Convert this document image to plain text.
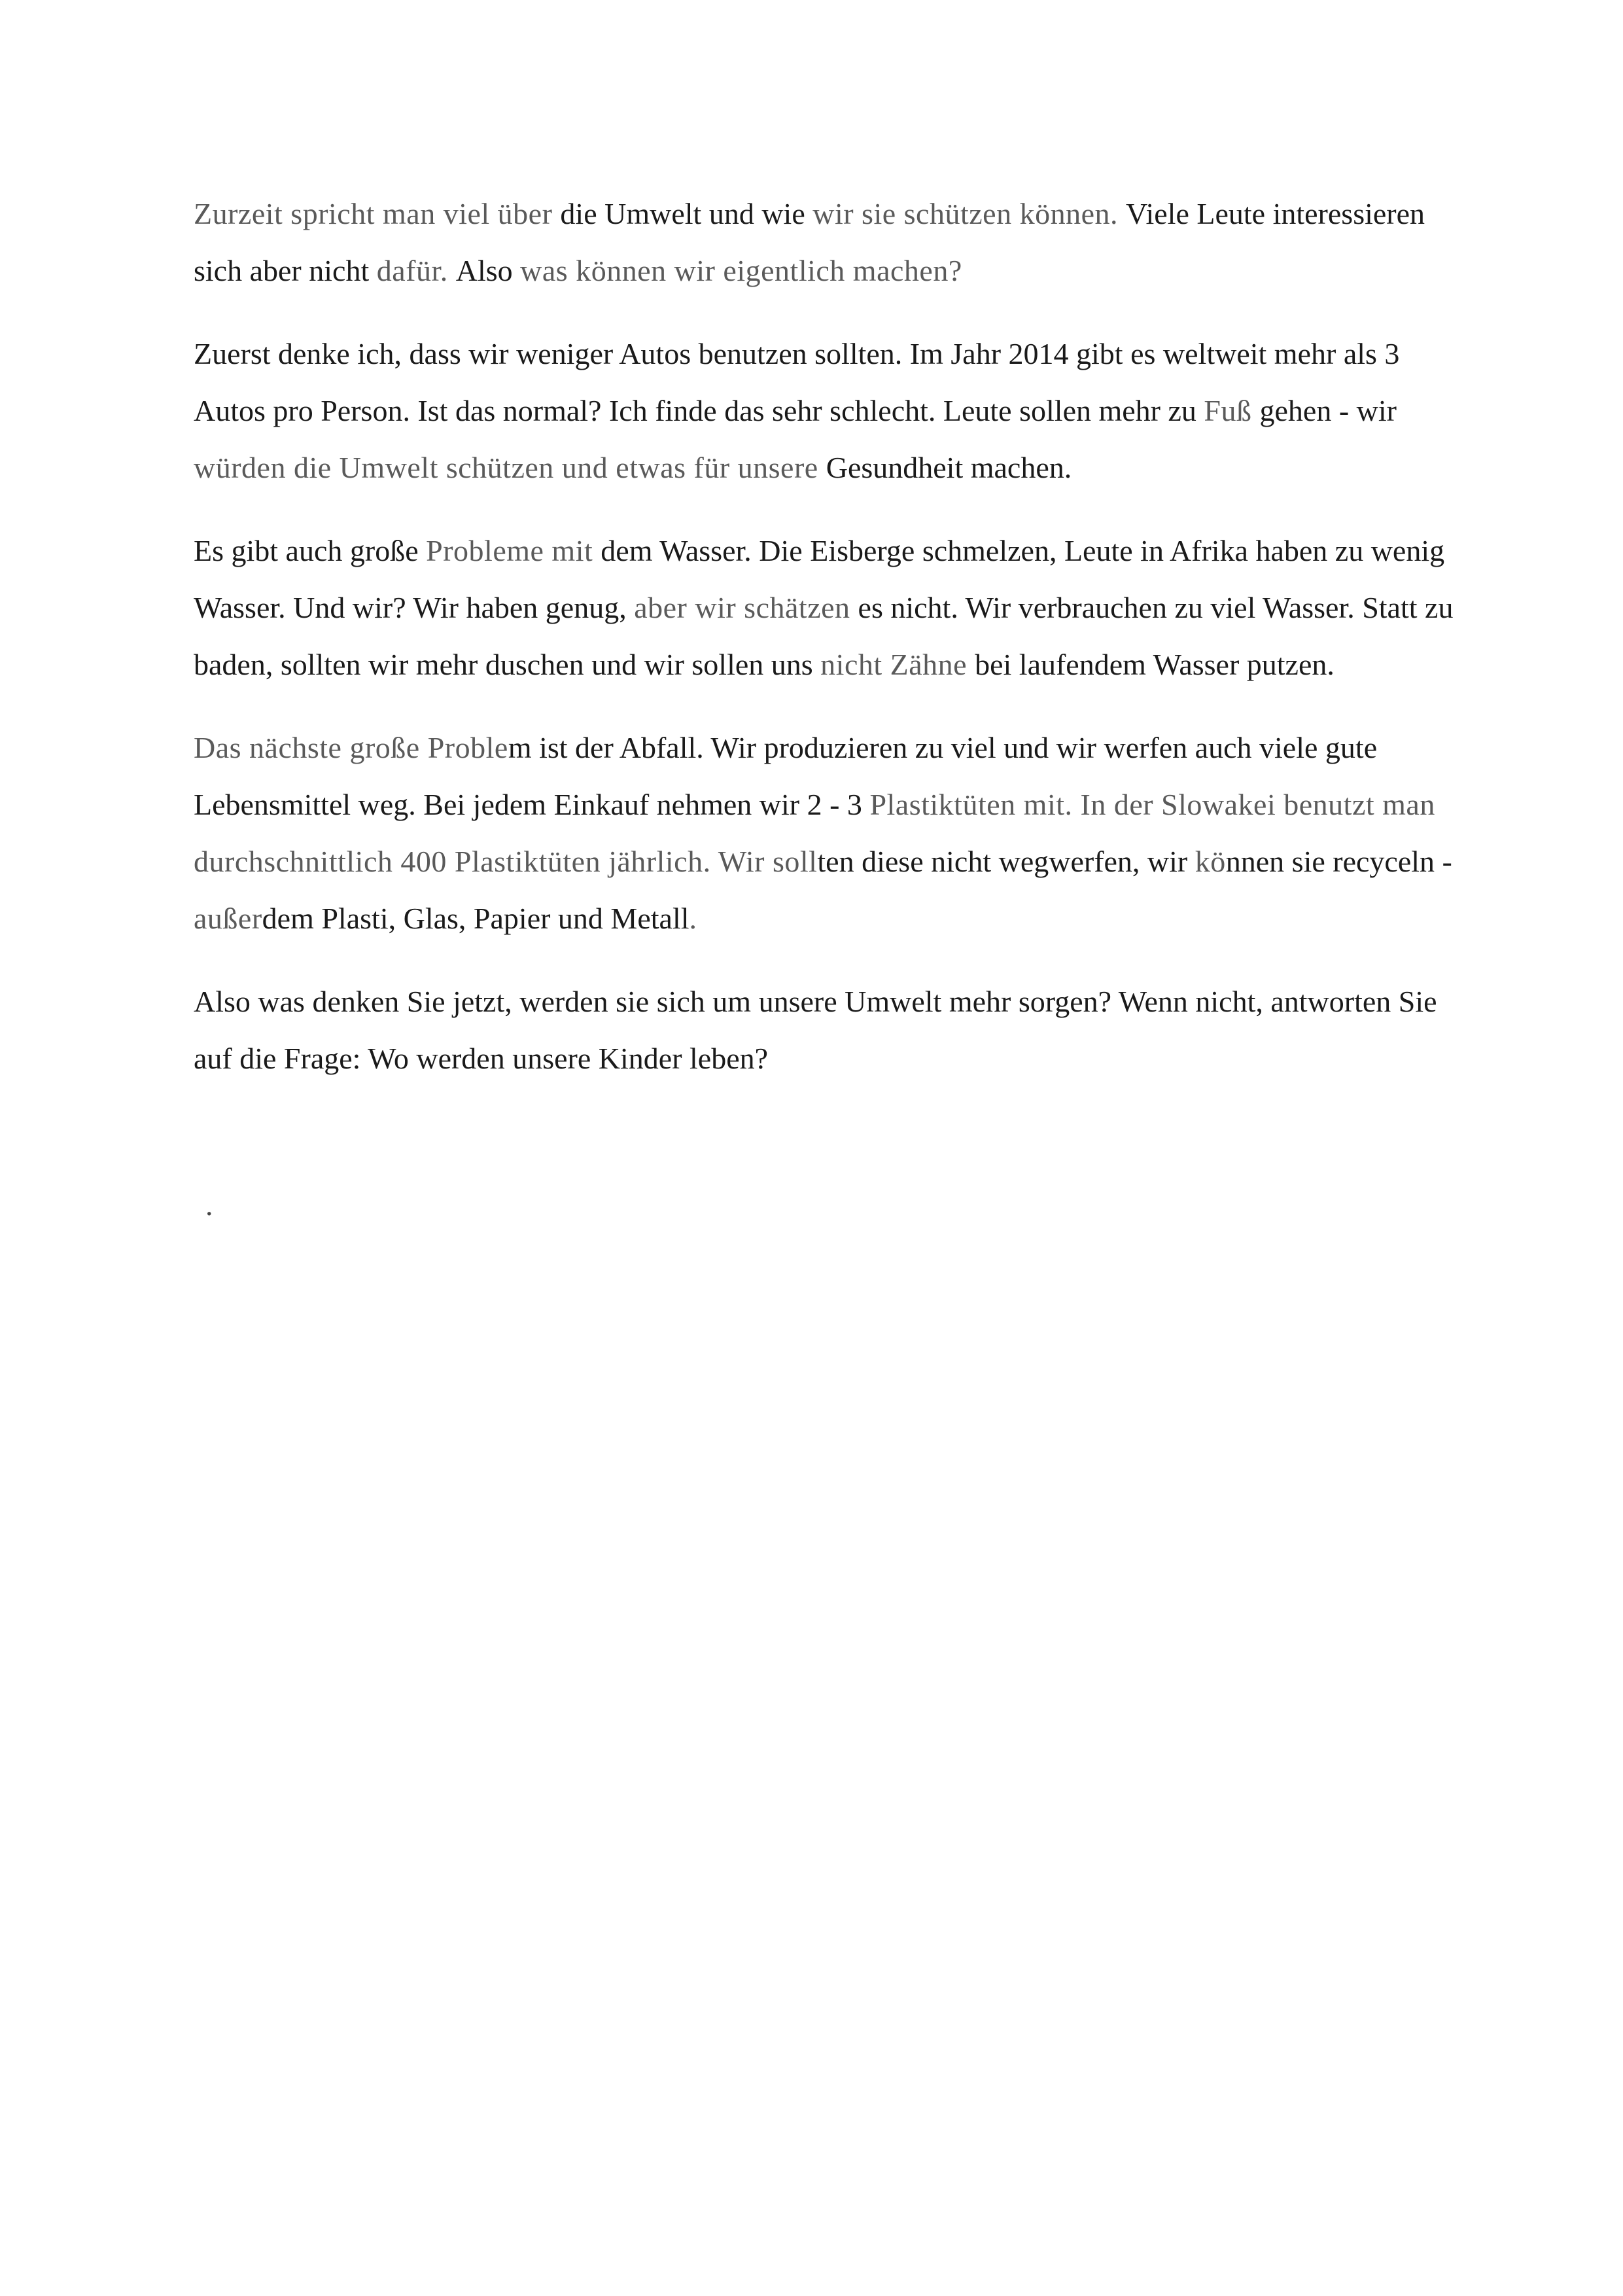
Zurzeit spricht man viel über die Umwelt und wie wir sie schützen können. Viele Leute interessieren sich aber nicht dafür. Also was können wir eigentlich machen?

Zuerst denke ich, dass wir weniger Autos benutzen sollten. Im Jahr 2014 gibt es weltweit mehr als 3 Autos pro Person. Ist das normal? Ich finde das sehr schlecht. Leute sollen mehr zu Fuß gehen - wir würden die Umwelt schützen und etwas für unsere Gesundheit machen.

Es gibt auch große Probleme mit dem Wasser. Die Eisberge schmelzen, Leute in Afrika haben zu wenig Wasser. Und wir? Wir haben genug, aber wir schätzen es nicht. Wir verbrauchen zu viel Wasser. Statt zu baden, sollten wir mehr duschen und wir sollen uns nicht Zähne bei laufendem Wasser putzen.

Das nächste große Problem ist der Abfall. Wir produzieren zu viel und wir werfen auch viele gute Lebensmittel weg. Bei jedem Einkauf nehmen wir 2 - 3 Plastiktüten mit. In der Slowakei benutzt man durchschnittlich 400 Plastiktüten jährlich. Wir sollten diese nicht wegwerfen, wir können sie recyceln - außerdem Plasti, Glas, Papier und Metall.

Also was denken Sie jetzt, werden sie sich um unsere Umwelt mehr sorgen? Wenn nicht, antworten Sie auf die Frage: Wo werden unsere Kinder leben?

.
